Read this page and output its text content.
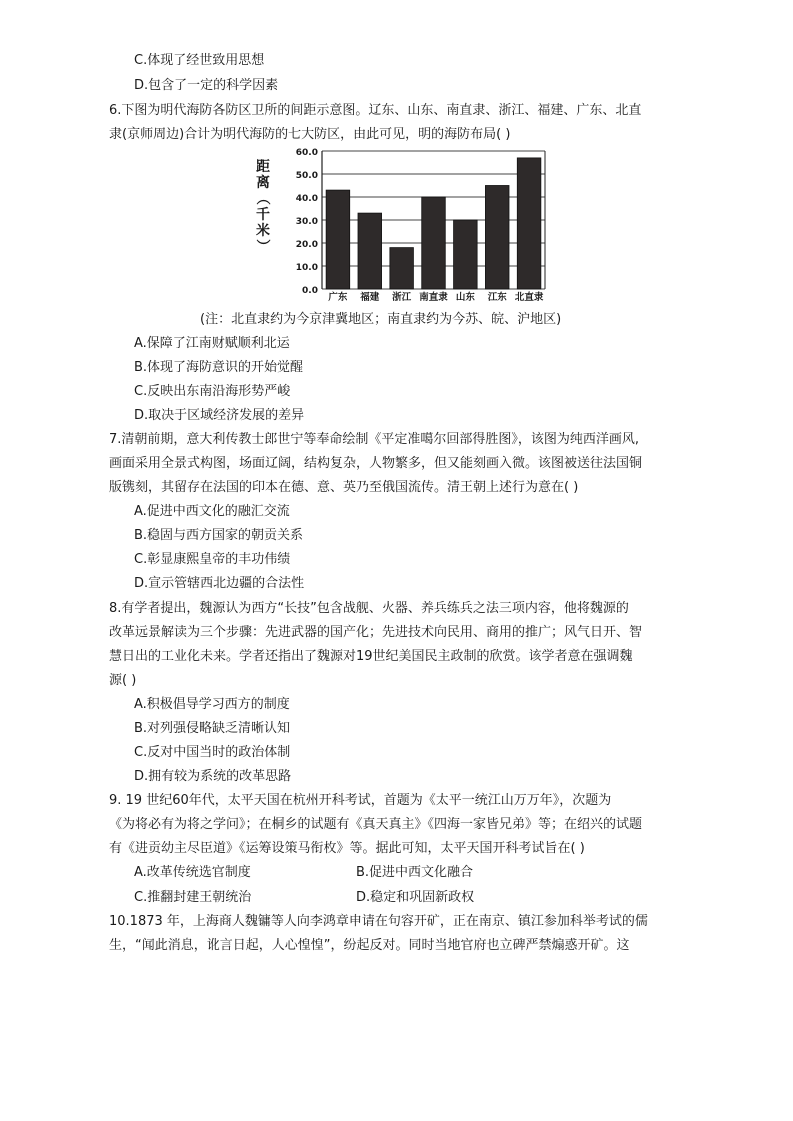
C.体现了经世致用思想
D.包含了一定的科学因素
6.下图为明代海防各防区卫所的间距示意图。辽东、山东、南直隶、浙江、福建、广东、北直
隶(京师周边)合计为明代海防的七大防区，由此可见，明的海防布局( )
距
离
（
千
米
）
0.0
10.0
20.0
30.0
40.0
50.0
60.0
广东 福建 浙江 南直隶 山东 江东 北直隶
(注：北直隶约为今京津冀地区；南直隶约为今苏、皖、沪地区)
A.保障了江南财赋顺利北运
B.体现了海防意识的开始觉醒
C.反映出东南沿海形势严峻
D.取决于区域经济发展的差异
7.清朝前期，意大利传教士郎世宁等奉命绘制《平定准噶尔回部得胜图》，该图为纯西洋画风,
画面采用全景式构图，场面辽阔，结构复杂，人物繁多，但又能刻画入微。该图被送往法国铜
版镌刻，其留存在法国的印本在德、意、英乃至俄国流传。清王朝上述行为意在( )
A.促进中西文化的融汇交流
B.稳固与西方国家的朝贡关系
C.彰显康熙皇帝的丰功伟绩
D.宣示管辖西北边疆的合法性
8.有学者提出，魏源认为西方“长技”包含战舰、火器、养兵练兵之法三项内容，他将魏源的
改革远景解读为三个步骤：先进武器的国产化；先进技术向民用、商用的推广；风气日开、智
慧日出的工业化未来。学者还指出了魏源对19世纪美国民主政制的欣赏。该学者意在强调魏
源( )
A.积极倡导学习西方的制度
B.对列强侵略缺乏清晰认知
C.反对中国当时的政治体制
D.拥有较为系统的改革思路
9. 19 世纪60年代，太平天国在杭州开科考试，首题为《太平一统江山万万年》，次题为
《为将必有为将之学问》；在桐乡的试题有《真天真主》《四海一家皆兄弟》等；在绍兴的试题
有《进贡幼主尽臣道》《运筹设策马衔枚》等。据此可知，太平天国开科考试旨在( )
A.改革传统选官制度	B.促进中西文化融合
C.推翻封建王朝统治	D.稳定和巩固新政权
10.1873 年，上海商人魏镛等人向李鸿章申请在句容开矿，正在南京、镇江参加科举考试的儒
生，“闻此消息，讹言日起，人心惶惶”，纷起反对。同时当地官府也立碑严禁煽惑开矿。这
